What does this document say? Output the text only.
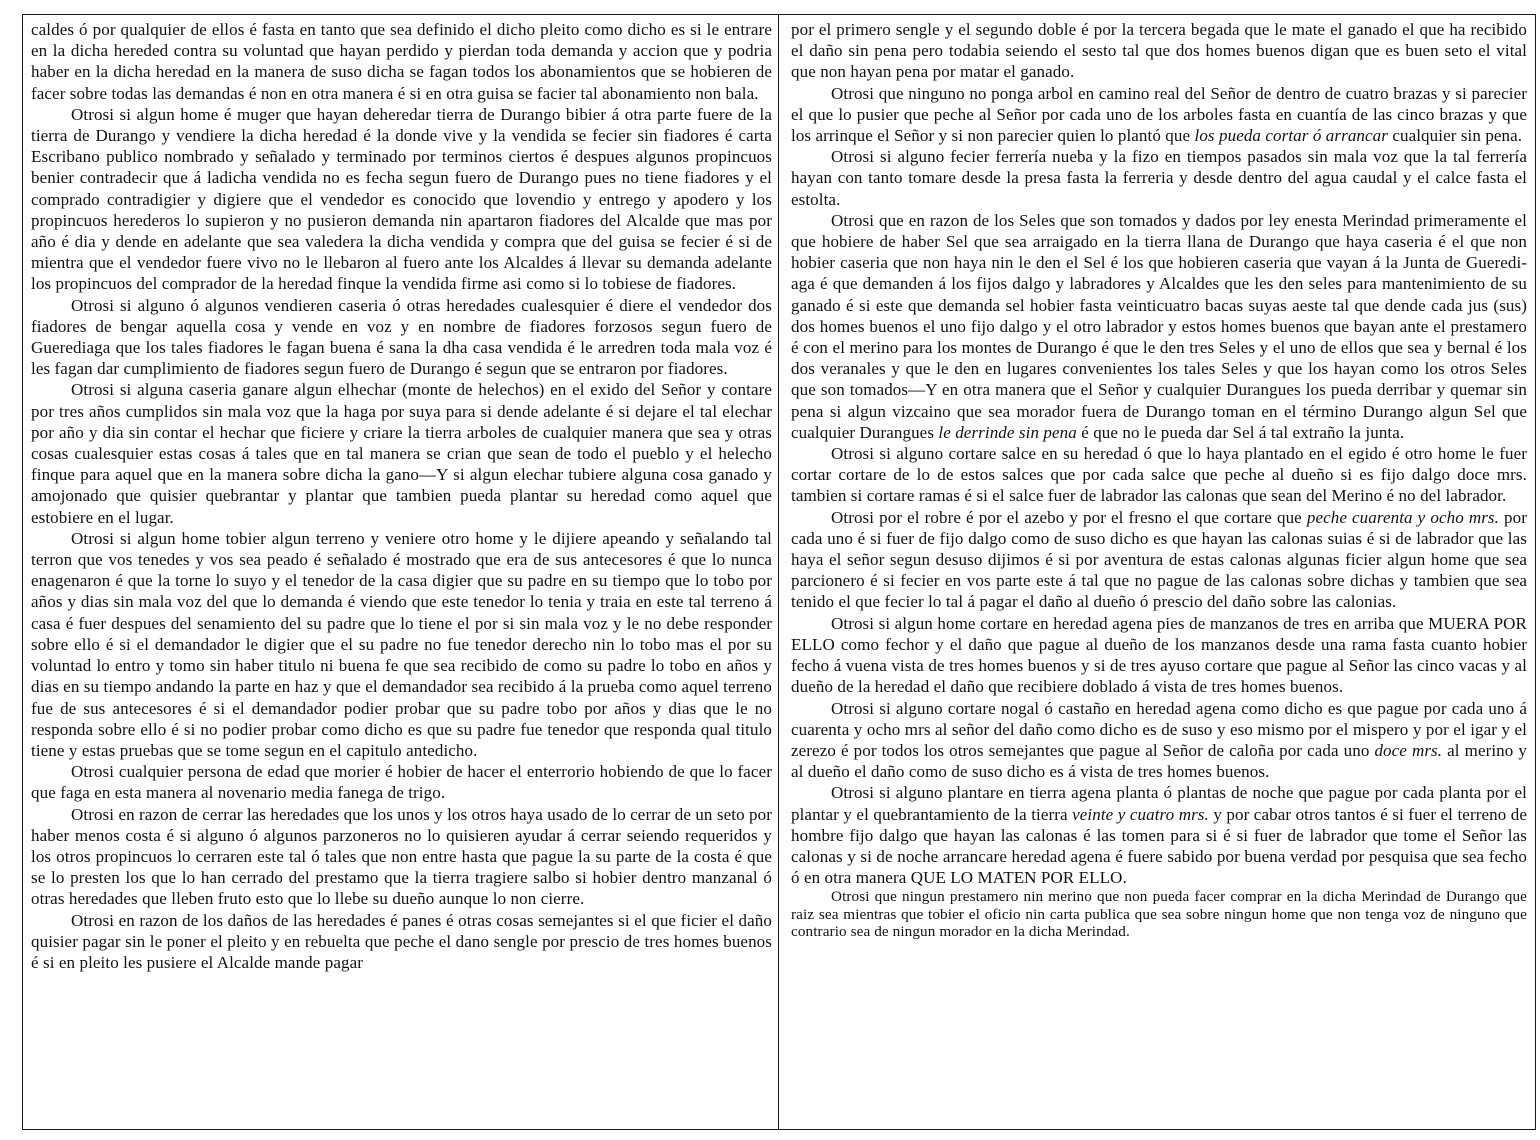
caldes ó por qualquier de ellos é fasta en tanto que sea definido el dicho pleito como dicho es si le entrare en la dicha hereded contra su voluntad que hayan perdido y pierdan toda demanda y accion que y podria haber en la dicha heredad en la manera de suso dicha se fagan todos los abonamientos que se hobieren de facer sobre todas las demandas é non en otra manera é si en otra guisa se facier tal abonamiento non bala.

Otrosi si algun home é muger que hayan deheredar tierra de Durango bibier á otra parte fuere de la tierra de Durango y vendiere la dicha heredad é la donde vive y la vendida se fecier sin fiadores é carta Escribano publico nombrado y señalado y terminado por terminos ciertos é despues algunos propincuos benier contradecir que á ladicha vendida no es fecha segun fuero de Durango pues no tiene fiadores y el comprado contradigier y digiere que el vendedor es conocido que lovendio y entrego y apodero y los propincuos herederos lo supieron y no pusieron demanda nin apartaron fiadores del Alcalde que mas por año é dia y dende en adelante que sea valedera la dicha vendida y compra que del guisa se fecier é si de mientra que el vendedor fuere vivo no le llebaron al fuero ante los Alcaldes á llevar su demanda adelante los propincuos del comprador de la heredad finque la vendida firme asi como si lo tobiese de fiadores.

Otrosi si alguno ó algunos vendieren caseria ó otras heredades cualesquier é diere el vendedor dos fiadores de bengar aquella cosa y vende en voz y en nombre de fiadores forzosos segun fuero de Guerediaga que los tales fiadores le fagan buena é sana la dha casa vendida é le arredren toda mala voz é les fagan dar cumplimiento de fiadores segun fuero de Durango é segun que se entraron por fiadores.

Otrosi si alguna caseria ganare algun elhechar (monte de helechos) en el exido del Señor y contare por tres años cumplidos sin mala voz que la haga por suya para si dende adelante é si dejare el tal elechar por año y dia sin contar el hechar que ficiere y criare la tierra arboles de cualquier manera que sea y otras cosas cualesquier estas cosas á tales que en tal manera se crian que sean de todo el pueblo y el helecho finque para aquel que en la manera sobre dicha la gano—Y si algun elechar tubiere alguna cosa ganado y amojonado que quisier quebrantar y plantar que tambien pueda plantar su heredad como aquel que estobiere en el lugar.

Otrosi si algun home tobier algun terreno y veniere otro home y le dijiere apeando y señalando tal terron que vos tenedes y vos sea peado é señalado é mostrado que era de sus antecesores é que lo nunca enagenaron é que la torne lo suyo y el tenedor de la casa digier que su padre en su tiempo que lo tobo por años y dias sin mala voz del que lo demanda é viendo que este tenedor lo tenia y traia en este tal terreno á casa é fuer despues del senamiento del su padre que lo tiene el por si sin mala voz y le no debe responder sobre ello é si el demandador le digier que el su padre no fue tenedor derecho nin lo tobo mas el por su voluntad lo entro y tomo sin haber titulo ni buena fe que sea recibido de como su padre lo tobo en años y dias en su tiempo andando la parte en haz y que el demandador sea recibido á la prueba como aquel terreno fue de sus antecesores é si el demandador podier probar que su padre tobo por años y dias que le no responda sobre ello é si no podier probar como dicho es que su padre fue tenedor que responda qual titulo tiene y estas pruebas que se tome segun en el capitulo antedicho.

Otrosi cualquier persona de edad que morier é hobier de hacer el enterrorio hobiendo de que lo facer que faga en esta manera al novenario media fanega de trigo.

Otrosi en razon de cerrar las heredades que los unos y los otros haya usado de lo cerrar de un seto por haber menos costa é si alguno ó algunos parzoneros no lo quisieren ayudar á cerrar seiendo requeridos y los otros propincuos lo cerraren este tal ó tales que non entre hasta que pague la su parte de la costa é que se lo presten los que lo han cerrado del prestamo que la tierra tragiere salbo si hobier dentro manzanal ó otras heredades que lleben fruto esto que lo llebe su dueño aunque lo non cierre.

Otrosi en razon de los daños de las heredades é panes é otras cosas semejantes si el que ficier el daño quisier pagar sin le poner el pleito y en rebuelta que peche el dano sengle por prescio de tres homes buenos é si en pleito les pusiere el Alcalde mande pagar

por el primero sengle y el segundo doble é por la tercera begada que le mate el ganado el que ha recibido el daño sin pena pero todabia seiendo el sesto tal que dos homes buenos digan que es buen seto el vital que non hayan pena por matar el ganado.

Otrosi que ninguno no ponga arbol en camino real del Señor de dentro de cuatro brazas y si parecier el que lo pusier que peche al Señor por cada uno de los arboles fasta en cuantía de las cinco brazas y que los arrinque el Señor y si non parecier quien lo plantó que los pueda cortar ó arrancar cualquier sin pena.

Otrosi si alguno fecier ferrería nueba y la fizo en tiempos pasados sin mala voz que la tal ferrería hayan con tanto tomare desde la presa fasta la ferreria y desde dentro del agua caudal y el calce fasta el estolta.

Otrosi que en razon de los Seles que son tomados y dados por ley enesta Merindad primeramente el que hobiere de haber Sel que sea arraigado en la tierra llana de Durango que haya caseria é el que non hobier caseria que non haya nin le den el Sel é los que hobieren caseria que vayan á la Junta de Guerediaga é que demanden á los fijos dalgo y labradores y Alcaldes que les den seles para mantenimiento de su ganado é si este que demanda sel hobier fasta veinticuatro bacas suyas aeste tal que dende cada jus (sus) dos homes buenos el uno fijo dalgo y el otro labrador y estos homes buenos que bayan ante el prestamero é con el merino para los montes de Durango é que le den tres Seles y el uno de ellos que sea y bernal é los dos veranales y que le den en lugares convenientes los tales Seles y que los hayan como los otros Seles que son tomados—Y en otra manera que el Señor y cualquier Durangues los pueda derribar y quemar sin pena si algun vizcaino que sea morador fuera de Durango toman en el término Durango algun Sel que cualquier Durangues le derrinde sin pena é que no le pueda dar Sel á tal extraño la junta.

Otrosi si alguno cortare salce en su heredad ó que lo haya plantado en el egido é otro home le fuer cortar cortare de lo de estos salces que por cada salce que peche al dueño si es fijo dalgo doce mrs. tambien si cortare ramas é si el salce fuer de labrador las calonas que sean del Merino é no del labrador.

Otrosi por el robre é por el azebo y por el fresno el que cortare que peche cuarenta y ocho mrs. por cada uno é si fuer de fijo dalgo como de suso dicho es que hayan las calonas suias é si de labrador que las haya el señor segun desuso dijimos é si por aventura de estas calonas algunas ficier algun home que sea parcionero é si fecier en vos parte este á tal que no pague de las calonas sobre dichas y tambien que sea tenido el que fecier lo tal á pagar el daño al dueño ó prescio del daño sobre las calonias.

Otrosi si algun home cortare en heredad agena pies de manzanos de tres en arriba que MUERA POR ELLO como fechor y el daño que pague al dueño de los manzanos desde una rama fasta cuanto hobier fecho á vuena vista de tres homes buenos y si de tres ayuso cortare que pague al Señor las cinco vacas y al dueño de la heredad el daño que recibiere doblado á vista de tres homes buenos.

Otrosi si alguno cortare nogal ó castaño en heredad agena como dicho es que pague por cada uno á cuarenta y ocho mrs al señor del daño como dicho es de suso y eso mismo por el mispero y por el igar y el zerezo é por todos los otros semejantes que pague al Señor de caloña por cada uno doce mrs. al merino y al dueño el daño como de suso dicho es á vista de tres homes buenos.

Otrosi si alguno plantare en tierra agena planta ó plantas de noche que pague por cada planta por el plantar y el quebrantamiento de la tierra veinte y cuatro mrs. y por cabar otros tantos é si fuer el terreno de hombre fijo dalgo que hayan las calonas é las tomen para si é si fuer de labrador que tome el Señor las calonas y si de noche arrancare heredad agena é fuere sabido por buena verdad por pesquisa que sea fecho ó en otra manera QUE LO MATEN POR ELLO.

Otrosi que ningun prestamero nin merino que non pueda facer comprar en la dicha Merindad de Durango que raiz sea mientras que tobier el oficio nin carta publica que sea sobre ningun home que non tenga voz de ninguno que contrario sea de ningun morador en la dicha Merindad.
